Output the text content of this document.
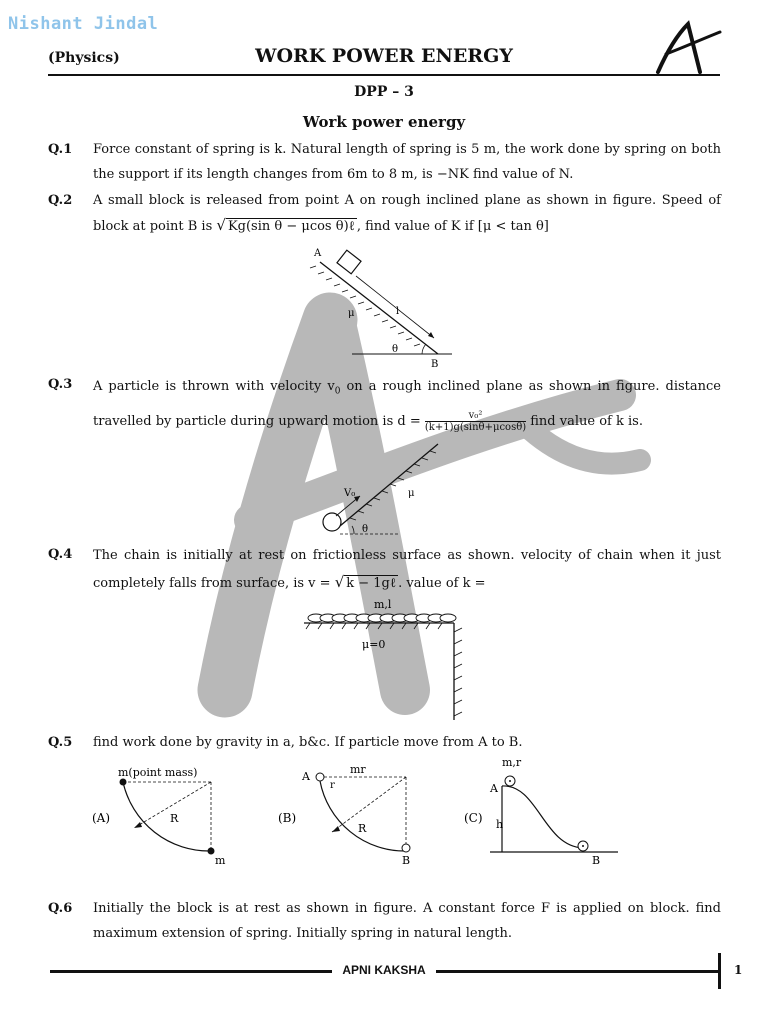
Nishant Jindal
(Physics)	WORK POWER ENERGY
DPP – 3
Work power energy
Q.1 Force constant of spring is k. Natural length of spring is 5 m, the work done by spring on both the support if its length changes from 6m to 8 m, is −NK find value of N.
Q.2 A small block is released from point A on rough inclined plane as shown in figure. Speed of block at point B is √ Kg(sin θ − μcos θ)ℓ , find value of K if [μ < tan θ]
A
B
μ	l
θ
Q.3 A particle is thrown with velocity $v_0$ on a rough inclined plane as shown in figure. distance travelled by particle during upward motion is $d = \frac{\text{v₀²}}{(k+1)g(\sin\theta+\mu\cos\theta)}$ find value of k is.
V₀	μ
θ
Q.4 The chain is initially at rest on frictionless surface as shown. velocity of chain when it just completely falls from surface, is v = √ k − 1gℓ . value of k =
m,l
μ=0
Q.5 find work done by gravity in a, b&c. If particle move from A to B.
(A)
m(point mass)
R
m
(B)
A
mr
r
R
B
(C)
m,r
A
h
B
Q.6 Initially the block is at rest as shown in figure. A constant force F is applied on block. find maximum extension of spring. Initially spring in natural length.
APNI KAKSHA	1
